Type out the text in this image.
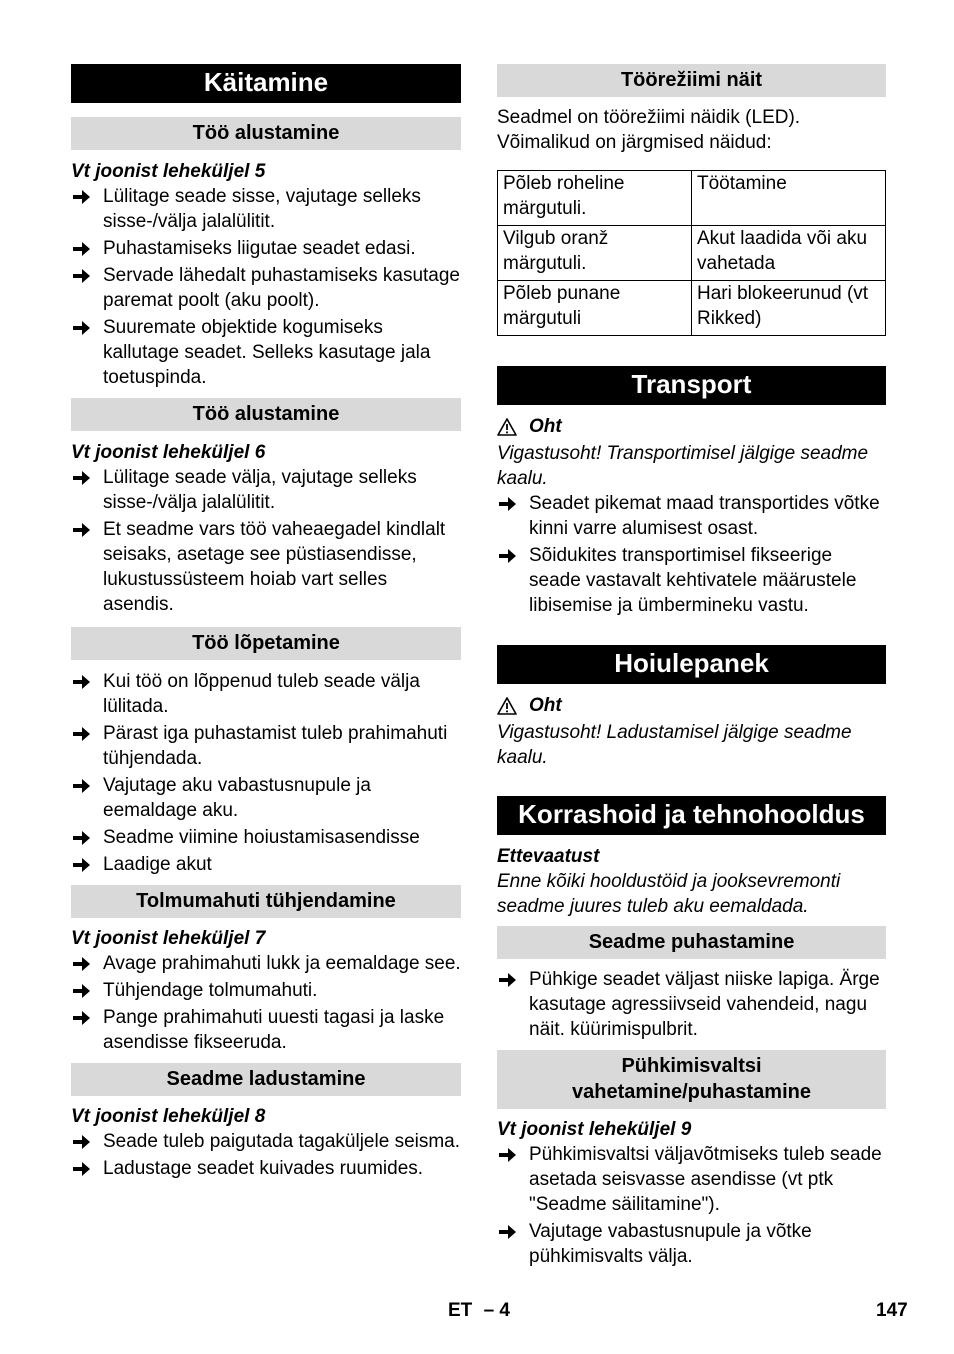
Käitamine
Töö alustamine

Vt joonist leheküljel 5

Lülitage seade sisse, vajutage selleks sisse-/välja jalalülitit.
Puhastamiseks liigutae seadet edasi.
Servade lähedalt puhastamiseks kasutage paremat poolt (aku poolt).
Suuremate objektide kogumiseks kallutage seadet. Selleks kasutage jala toetuspinda.
Töö alustamine

Vt joonist leheküljel 6

Lülitage seade välja, vajutage selleks sisse-/välja jalalülitit.
Et seadme vars töö vaheaegadel kindlalt seisaks, asetage see püstiasendisse, lukustussüsteem hoiab vart selles asendis.
Töö lõpetamine
Kui töö on lõppenud tuleb seade välja lülitada.
Pärast iga puhastamist tuleb prahimahuti tühjendada.
Vajutage aku vabastusnupule ja eemaldage aku.
Seadme viimine hoiustamisasendisse
Laadige akut
Tolmumahuti tühjendamine

Vt joonist leheküljel 7

Avage prahimahuti lukk ja eemaldage see.
Tühjendage tolmumahuti.
Pange prahimahuti uuesti tagasi ja laske asendisse fikseeruda.
Seadme ladustamine

Vt joonist leheküljel 8

Seade tuleb paigutada tagaküljele seisma.
Ladustage seadet kuivades ruumides.
Töörežiimi näit

Seadmel on töörežiimi näidik (LED). Võimalikud on järgmised näidud:

Põleb roheline märgutuli.	Töötamine
Vilgub oranž märgutuli.	Akut laadida või aku vahetada
Põleb punane märgutuli	Hari blokeerunud (vt Rikked)
Transport

Oht

Vigastusoht! Transportimisel jälgige seadme kaalu.

Seadet pikemat maad transportides võtke kinni varre alumisest osast.
Sõidukites transportimisel fikseerige seade vastavalt kehtivatele määrustele libisemise ja ümbermineku vastu.
Hoiulepanek

Oht

Vigastusoht! Ladustamisel jälgige seadme kaalu.

Korrashoid ja tehnohooldus

Ettevaatust

Enne kõiki hooldustöid ja jooksevremonti seadme juures tuleb aku eemaldada.

Seadme puhastamine
Pühkige seadet väljast niiske lapiga. Ärge kasutage agressiivseid vahendeid, nagu näit. küürimispulbrit.
Pühkimisvaltsi vahetamine/puhastamine

Vt joonist leheküljel 9

Pühkimisvaltsi väljavõtmiseks tuleb seade asetada seisvasse asendisse (vt ptk "Seadme säilitamine").
Vajutage vabastusnupule ja võtke pühkimisvalts välja.
ET – 4	147
